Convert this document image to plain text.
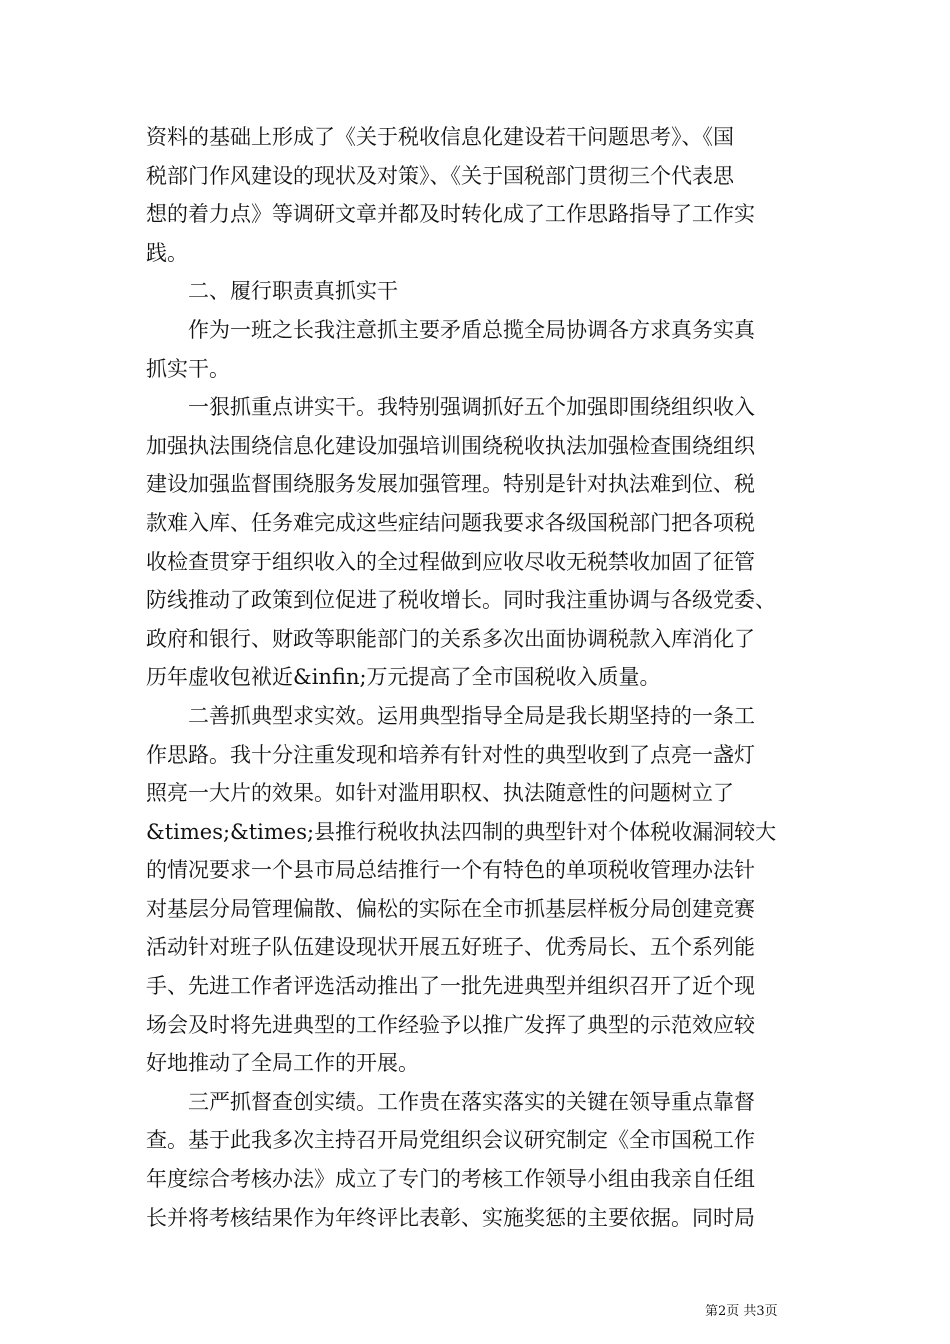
资料的基础上形成了《关于税收信息化建设若干问题思考》、《国
税部门作风建设的现状及对策》、《关于国税部门贯彻三个代表思
想的着力点》等调研文章并都及时转化成了工作思路指导了工作实
践。
二、履行职责真抓实干
作为一班之长我注意抓主要矛盾总揽全局协调各方求真务实真
抓实干。
一狠抓重点讲实干。我特别强调抓好五个加强即围绕组织收入
加强执法围绕信息化建设加强培训围绕税收执法加强检查围绕组织
建设加强监督围绕服务发展加强管理。特别是针对执法难到位、税
款难入库、任务难完成这些症结问题我要求各级国税部门把各项税
收检查贯穿于组织收入的全过程做到应收尽收无税禁收加固了征管
防线推动了政策到位促进了税收增长。同时我注重协调与各级党委、
政府和银行、财政等职能部门的关系多次出面协调税款入库消化了
历年虚收包袱近&infin;万元提高了全市国税收入质量。
二善抓典型求实效。运用典型指导全局是我长期坚持的一条工
作思路。我十分注重发现和培养有针对性的典型收到了点亮一盏灯
照亮一大片的效果。如针对滥用职权、执法随意性的问题树立了
&times;&times;县推行税收执法四制的典型针对个体税收漏洞较大
的情况要求一个县市局总结推行一个有特色的单项税收管理办法针
对基层分局管理偏散、偏松的实际在全市抓基层样板分局创建竞赛
活动针对班子队伍建设现状开展五好班子、优秀局长、五个系列能
手、先进工作者评选活动推出了一批先进典型并组织召开了近个现
场会及时将先进典型的工作经验予以推广发挥了典型的示范效应较
好地推动了全局工作的开展。
三严抓督查创实绩。工作贵在落实落实的关键在领导重点靠督
查。基于此我多次主持召开局党组织会议研究制定《全市国税工作
年度综合考核办法》成立了专门的考核工作领导小组由我亲自任组
长并将考核结果作为年终评比表彰、实施奖惩的主要依据。同时局
第2页 共3页
